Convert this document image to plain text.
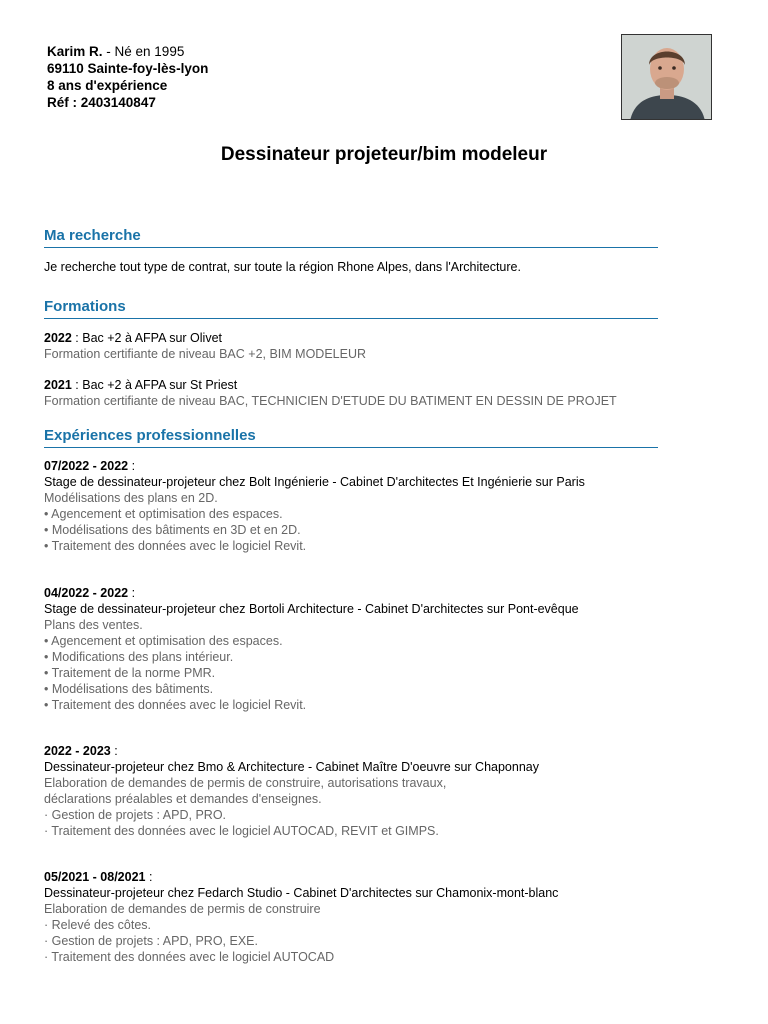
Karim R. - Né en 1995
69110 Sainte-foy-lès-lyon
8 ans d'expérience
Réf : 2403140847
Dessinateur projeteur/bim modeleur
Ma recherche
Je recherche tout type de contrat, sur toute la région Rhone Alpes, dans l'Architecture.
Formations
2022 : Bac +2 à AFPA sur Olivet
Formation certifiante de niveau BAC +2, BIM MODELEUR
2021 : Bac +2 à AFPA sur St Priest
Formation certifiante de niveau BAC, TECHNICIEN D'ETUDE DU BATIMENT EN DESSIN DE PROJET
Expériences professionnelles
07/2022 - 2022 :
Stage de dessinateur-projeteur chez Bolt Ingénierie - Cabinet D'architectes Et Ingénierie sur Paris
Modélisations des plans en 2D.
• Agencement et optimisation des espaces.
• Modélisations des bâtiments en 3D et en 2D.
• Traitement des données avec le logiciel Revit.
04/2022 - 2022 :
Stage de dessinateur-projeteur chez Bortoli Architecture - Cabinet D'architectes sur Pont-evêque
Plans des ventes.
• Agencement et optimisation des espaces.
• Modifications des plans intérieur.
• Traitement de la norme PMR.
• Modélisations des bâtiments.
• Traitement des données avec le logiciel Revit.
2022 - 2023 :
Dessinateur-projeteur chez Bmo & Architecture - Cabinet Maître D'oeuvre sur Chaponnay
Elaboration de demandes de permis de construire, autorisations travaux,
déclarations préalables et demandes d'enseignes.
· Gestion de projets : APD, PRO.
· Traitement des données avec le logiciel AUTOCAD, REVIT et GIMPS.
05/2021 - 08/2021 :
Dessinateur-projeteur chez Fedarch Studio - Cabinet D'architectes sur Chamonix-mont-blanc
Elaboration de demandes de permis de construire
· Relevé des côtes.
· Gestion de projets : APD, PRO, EXE.
· Traitement des données avec le logiciel AUTOCAD
